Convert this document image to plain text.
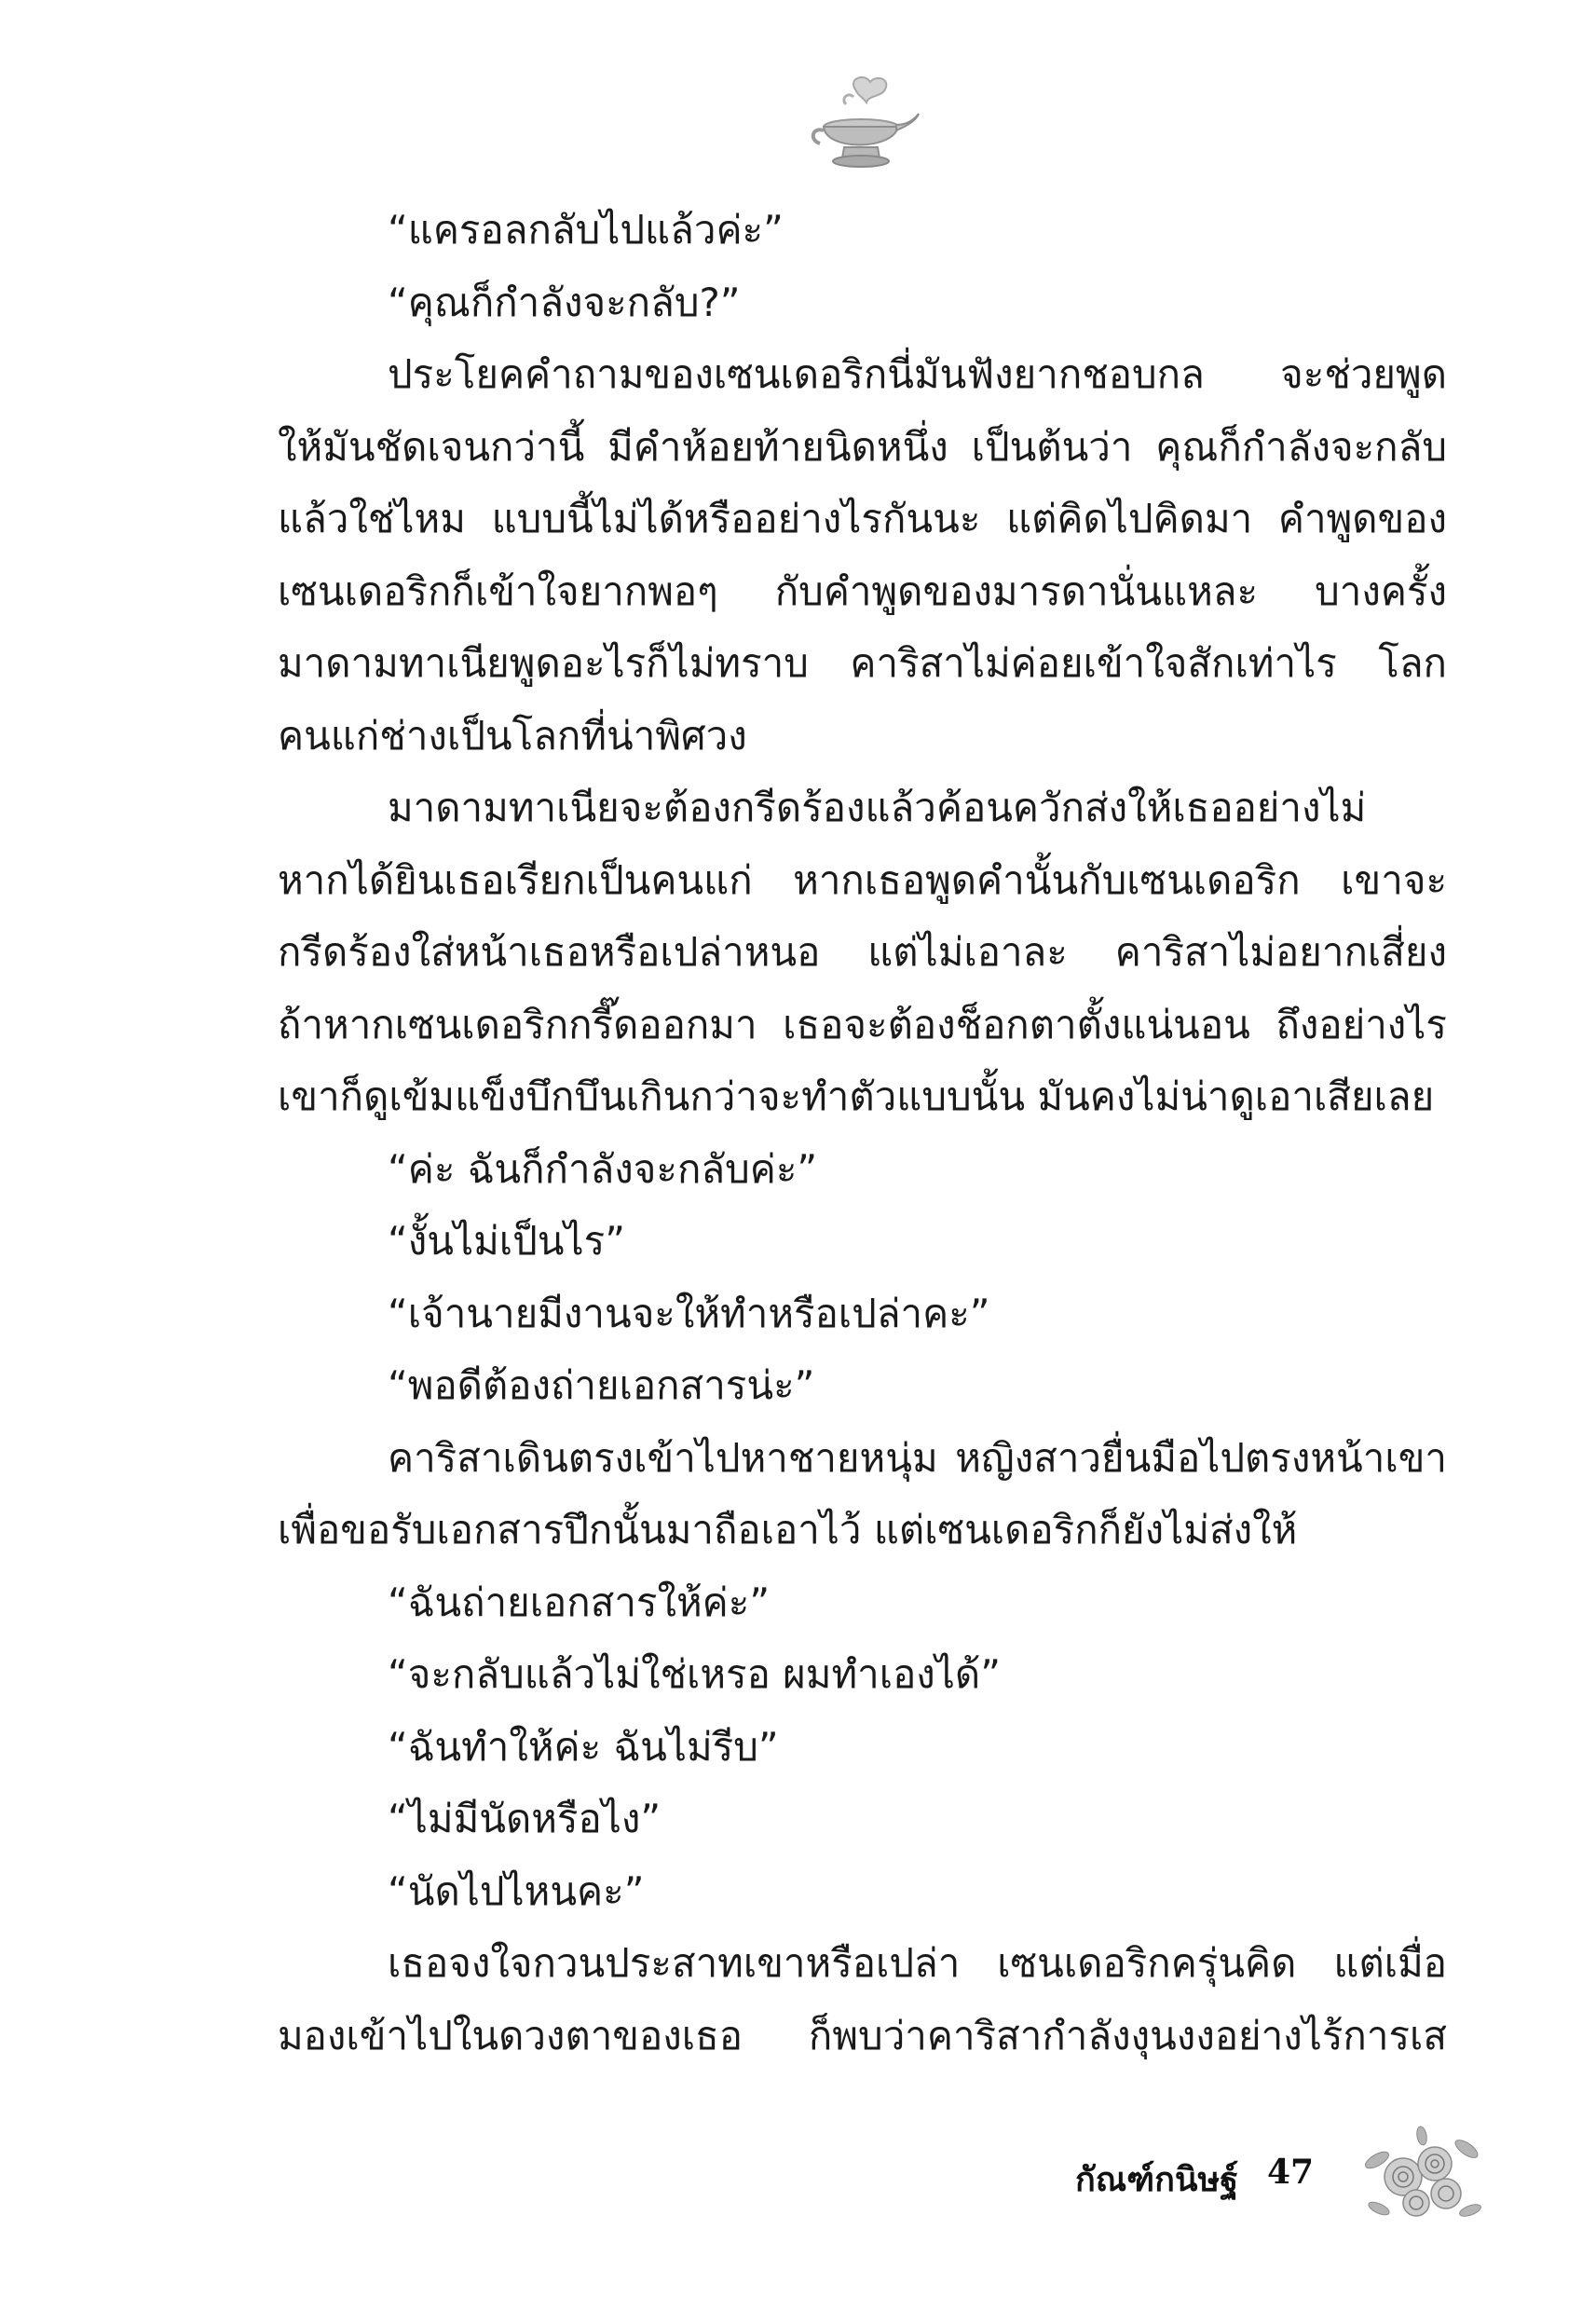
“แครอลกลับไปแล้วค่ะ”
“คุณก็กำลังจะกลับ?”
ประโยคคำถามของเซนเดอริกนี่มันฟังยากชอบกล จะช่วยพูด
ให้มันชัดเจนกว่านี้ มีคำห้อยท้ายนิดหนึ่ง เป็นต้นว่า คุณก็กำลังจะกลับ
แล้วใช่ไหม แบบนี้ไม่ได้หรืออย่างไรกันนะ แต่คิดไปคิดมา คำพูดของ
เซนเดอริกก็เข้าใจยากพอๆ กับคำพูดของมารดานั่นแหละ บางครั้ง
มาดามทาเนียพูดอะไรก็ไม่ทราบ คาริสาไม่ค่อยเข้าใจสักเท่าไร โลก
คนแก่ช่างเป็นโลกที่น่าพิศวง
มาดามทาเนียจะต้องกรีดร้องแล้วค้อนควักส่งให้เธออย่างไม่
หากได้ยินเธอเรียกเป็นคนแก่ หากเธอพูดคำนั้นกับเซนเดอริก เขาจะ
กรีดร้องใส่หน้าเธอหรือเปล่าหนอ แต่ไม่เอาละ คาริสาไม่อยากเสี่ยง
ถ้าหากเซนเดอริกกรี๊ดออกมา เธอจะต้องช็อกตาตั้งแน่นอน ถึงอย่างไร
เขาก็ดูเข้มแข็งบึกบึนเกินกว่าจะทำตัวแบบนั้น มันคงไม่น่าดูเอาเสียเลย
“ค่ะ ฉันก็กำลังจะกลับค่ะ”
“งั้นไม่เป็นไร”
“เจ้านายมีงานจะให้ทำหรือเปล่าคะ”
“พอดีต้องถ่ายเอกสารน่ะ”
คาริสาเดินตรงเข้าไปหาชายหนุ่ม หญิงสาวยื่นมือไปตรงหน้าเขา
เพื่อขอรับเอกสารปึกนั้นมาถือเอาไว้ แต่เซนเดอริกก็ยังไม่ส่งให้
“ฉันถ่ายเอกสารให้ค่ะ”
“จะกลับแล้วไม่ใช่เหรอ ผมทำเองได้”
“ฉันทำให้ค่ะ ฉันไม่รีบ”
“ไม่มีนัดหรือไง”
“นัดไปไหนคะ”
เธอจงใจกวนประสาทเขาหรือเปล่า เซนเดอริกครุ่นคิด แต่เมื่อ
มองเข้าไปในดวงตาของเธอ ก็พบว่าคาริสากำลังงุนงงอย่างไร้การเส
กัณฑ์กนิษฐ์ 47
